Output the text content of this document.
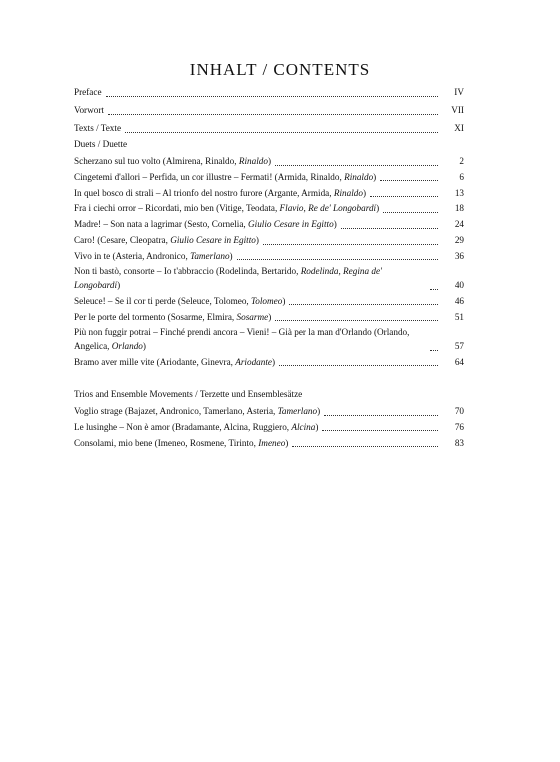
INHALT / CONTENTS
Preface	IV
Vorwort	VII
Texts / Texte	XI
Duets / Duette
Scherzano sul tuo volto (Almirena, Rinaldo, Rinaldo)	2
Cingetemi d'allori – Perfida, un cor illustre – Fermati! (Armida, Rinaldo, Rinaldo)	6
In quel bosco di strali – Al trionfo del nostro furore (Argante, Armida, Rinaldo)	13
Fra i ciechi orror – Ricordati, mio ben (Vitige, Teodata, Flavio, Re de' Longobardi)	18
Madre! – Son nata a lagrimar (Sesto, Cornelia, Giulio Cesare in Egitto)	24
Caro! (Cesare, Cleopatra, Giulio Cesare in Egitto)	29
Vivo in te (Asteria, Andronico, Tamerlano)	36
Non ti bastò, consorte – Io t'abbraccio (Rodelinda, Bertarido, Rodelinda, Regina de' Longobardi)	40
Seleuce! – Se il cor ti perde (Seleuce, Tolomeo, Tolomeo)	46
Per le porte del tormento (Sosarme, Elmira, Sosarme)	51
Più non fuggir potrai – Finché prendi ancora – Vieni! – Già per la man d'Orlando (Orlando, Angelica, Orlando)	57
Bramo aver mille vite (Ariodante, Ginevra, Ariodante)	64
Trios and Ensemble Movements / Terzette und Ensemblesätze
Voglio strage (Bajazet, Andronico, Tamerlano, Asteria, Tamerlano)	70
Le lusinghe – Non è amor (Bradamante, Alcina, Ruggiero, Alcina)	76
Consolami, mio bene (Imeneo, Rosmene, Tirinto, Imeneo)	83
